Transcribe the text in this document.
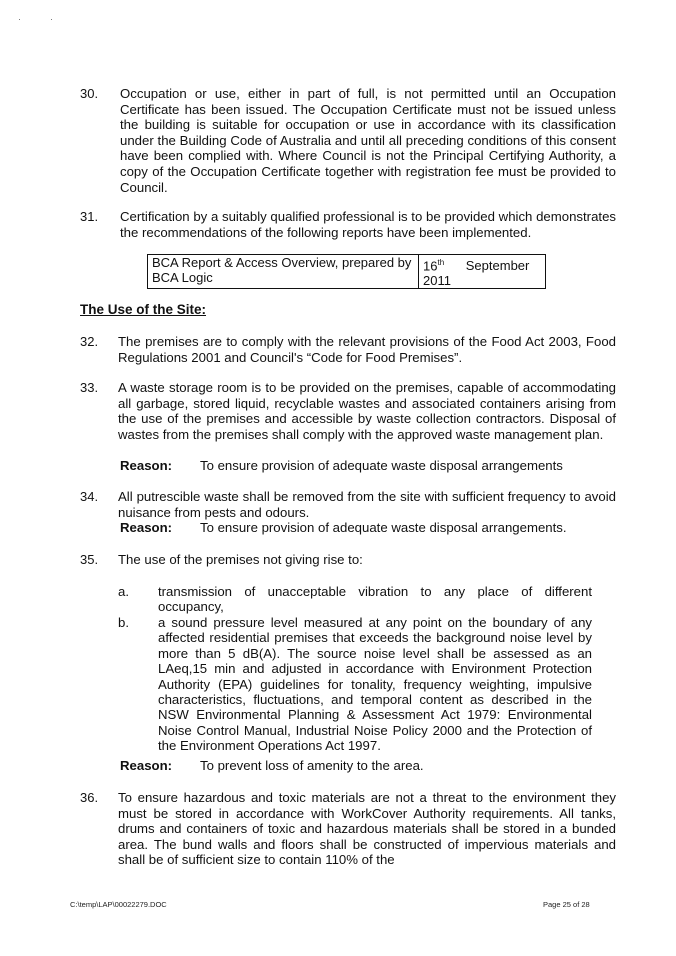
·	·
30. Occupation or use, either in part of full, is not permitted until an Occupation Certificate has been issued. The Occupation Certificate must not be issued unless the building is suitable for occupation or use in accordance with its classification under the Building Code of Australia and until all preceding conditions of this consent have been complied with. Where Council is not the Principal Certifying Authority, a copy of the Occupation Certificate together with registration fee must be provided to Council.
31. Certification by a suitably qualified professional is to be provided which demonstrates the recommendations of the following reports have been implemented.
BCA Report & Access Overview, prepared by BCA Logic	16th September
2011
The Use of the Site:
32. The premises are to comply with the relevant provisions of the Food Act 2003, Food Regulations 2001 and Council's “Code for Food Premises”.
33. A waste storage room is to be provided on the premises, capable of accommodating all garbage, stored liquid, recyclable wastes and associated containers arising from the use of the premises and accessible by waste collection contractors. Disposal of wastes from the premises shall comply with the approved waste management plan.
Reason: To ensure provision of adequate waste disposal arrangements
34. All putrescible waste shall be removed from the site with sufficient frequency to avoid nuisance from pests and odours.
Reason: To ensure provision of adequate waste disposal arrangements.
35. The use of the premises not giving rise to:
a. transmission of unacceptable vibration to any place of different occupancy,
b. a sound pressure level measured at any point on the boundary of any affected residential premises that exceeds the background noise level by more than 5 dB(A). The source noise level shall be assessed as an LAeq,15 min and adjusted in accordance with Environment Protection Authority (EPA) guidelines for tonality, frequency weighting, impulsive characteristics, fluctuations, and temporal content as described in the NSW Environmental Planning & Assessment Act 1979: Environmental Noise Control Manual, Industrial Noise Policy 2000 and the Protection of the Environment Operations Act 1997.
Reason: To prevent loss of amenity to the area.
36. To ensure hazardous and toxic materials are not a threat to the environment they must be stored in accordance with WorkCover Authority requirements. All tanks, drums and containers of toxic and hazardous materials shall be stored in a bunded area. The bund walls and floors shall be constructed of impervious materials and shall be of sufficient size to contain 110% of the
C:\temp\LAP\00022279.DOC	Page 25 of 28
